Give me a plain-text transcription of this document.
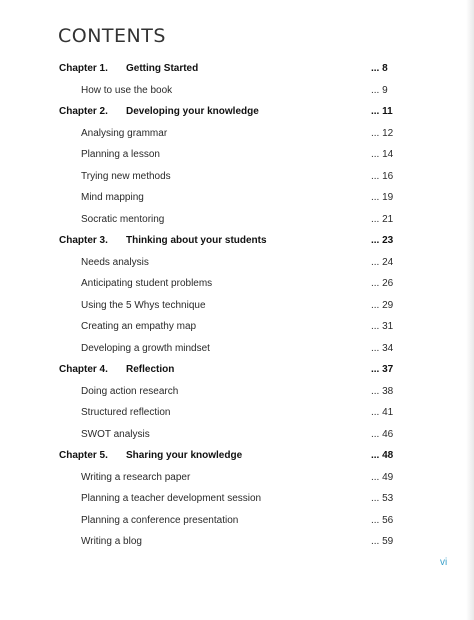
CONTENTS
Chapter 1. Getting Started	... 8
How to use the book	... 9
Chapter 2. Developing your knowledge	... 11
Analysing grammar	... 12
Planning a lesson	... 14
Trying new methods	... 16
Mind mapping	... 19
Socratic mentoring	... 21
Chapter 3. Thinking about your students	... 23
Needs analysis	... 24
Anticipating student problems	... 26
Using the 5 Whys technique	... 29
Creating an empathy map	... 31
Developing a growth mindset	... 34
Chapter 4. Reflection	... 37
Doing action research	... 38
Structured reflection	... 41
SWOT analysis	... 46
Chapter 5. Sharing your knowledge	... 48
Writing a research paper	... 49
Planning a teacher development session	... 53
Planning a conference presentation	... 56
Writing a blog	... 59
vi
